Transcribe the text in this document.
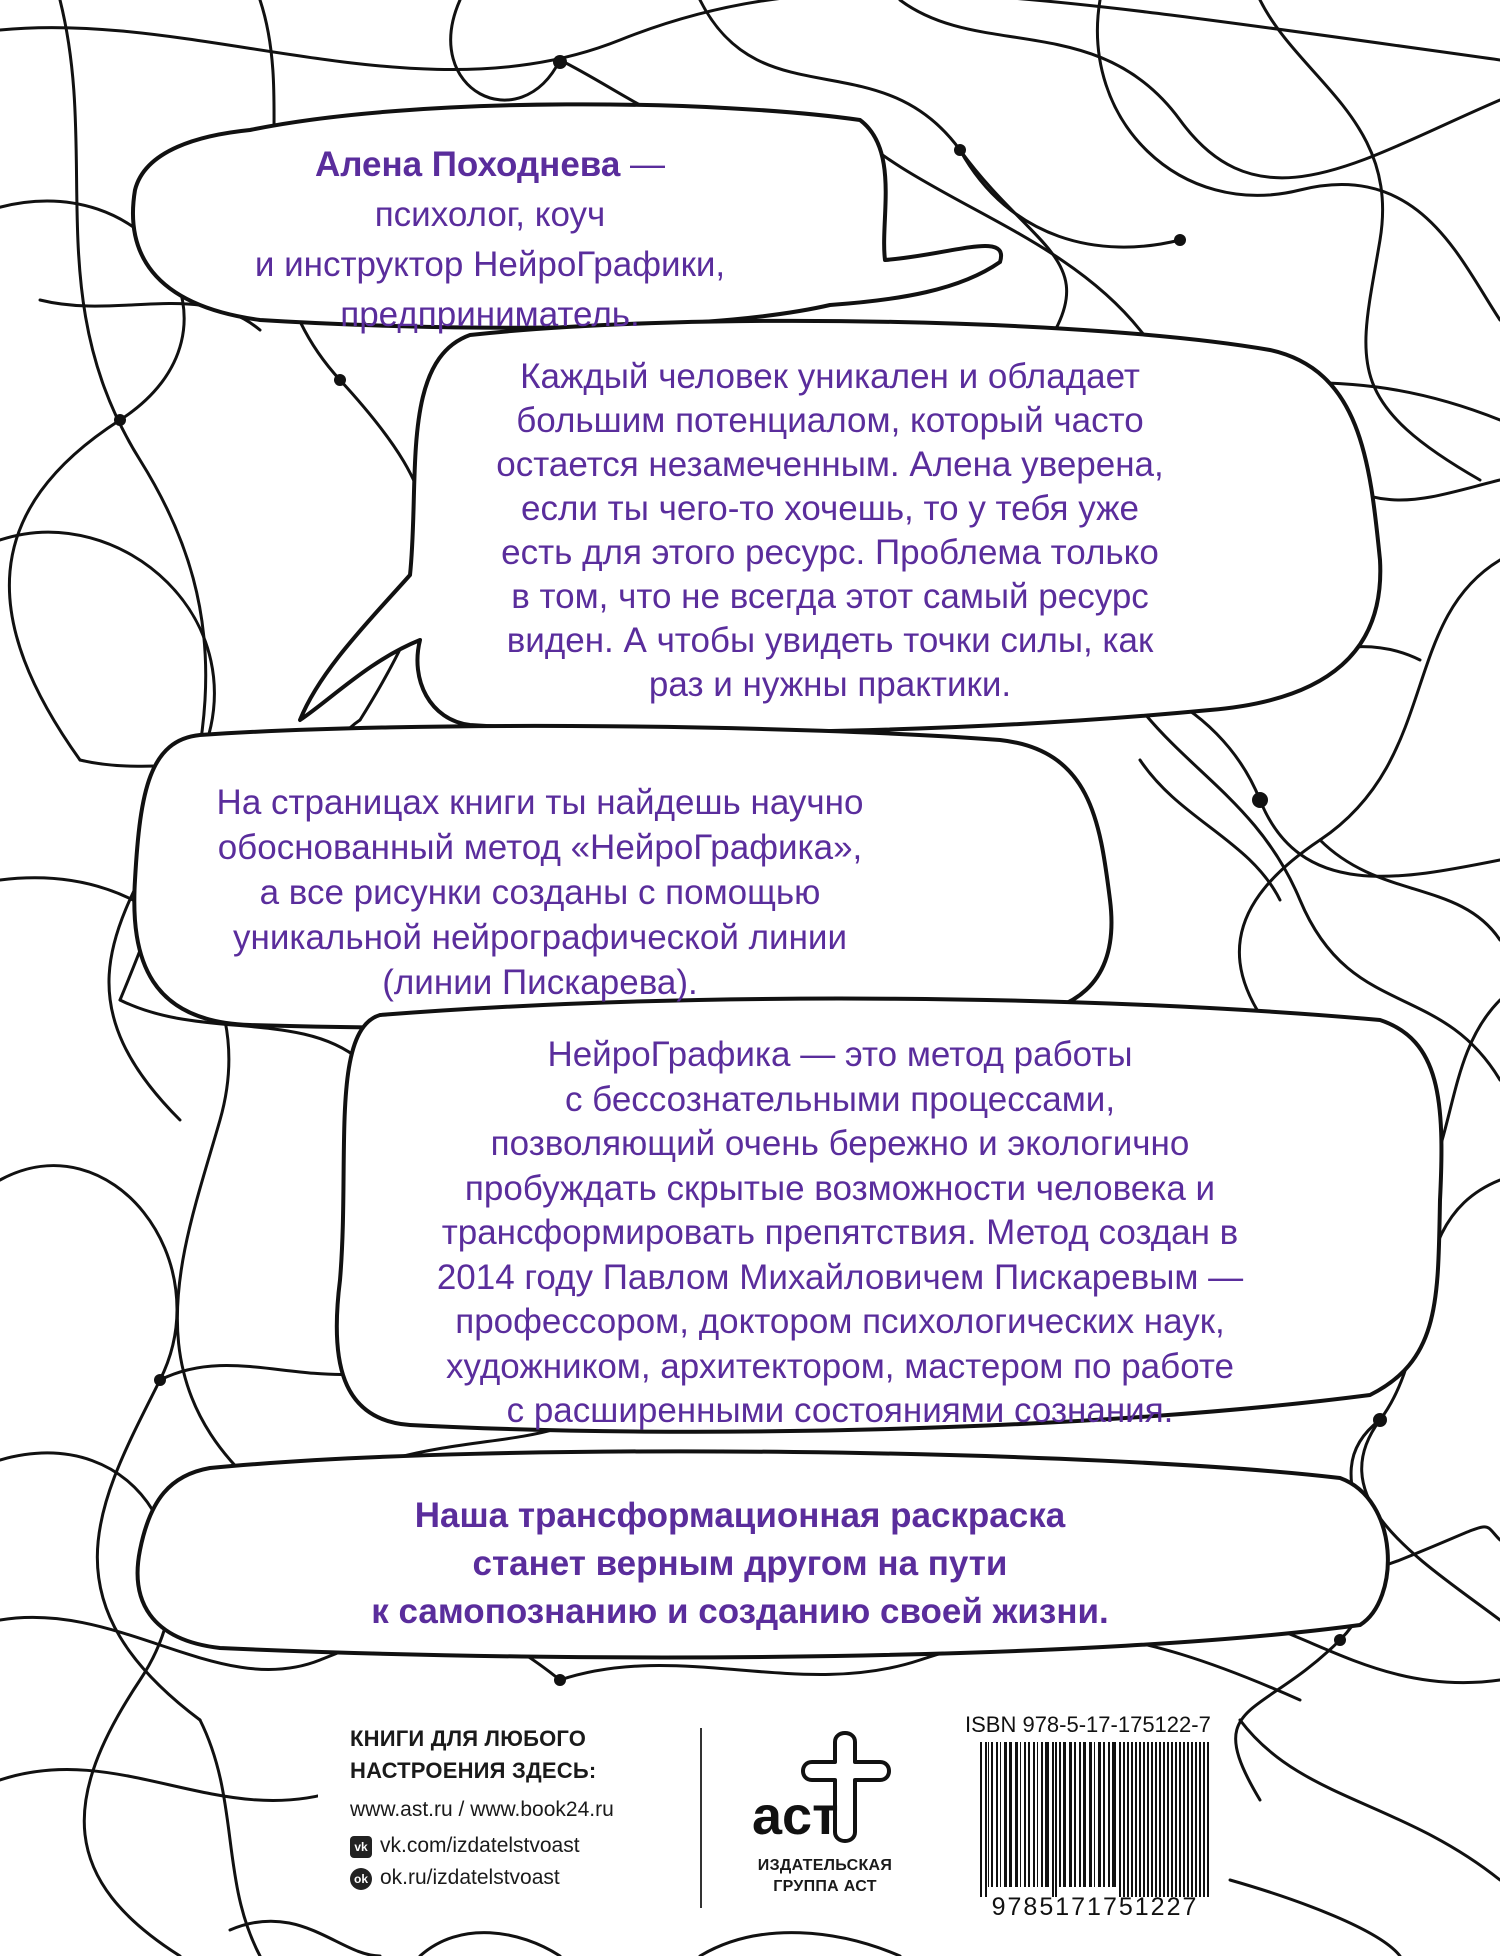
Алена Походнева —
психолог, коуч
и инструктор НейроГрафики,
предприниматель.
Каждый человек уникален и обладает
большим потенциалом, который часто
остается незамеченным. Алена уверена,
если ты чего-то хочешь, то у тебя уже
есть для этого ресурс. Проблема только
в том, что не всегда этот самый ресурс
виден. А чтобы увидеть точки силы, как
раз и нужны практики.
На страницах книги ты найдешь научно
обоснованный метод «НейроГрафика»,
а все рисунки созданы с помощью
уникальной нейрографической линии
(линии Пискарева).
НейроГрафика — это метод работы
с бессознательными процессами,
позволяющий очень бережно и экологично
пробуждать скрытые возможности человека и
трансформировать препятствия. Метод создан в
2014 году Павлом Михайловичем Пискаревым —
профессором, доктором психологических наук,
художником, архитектором, мастером по работе
с расширенными состояниями сознания.
Наша трансформационная раскраска
станет верным другом на пути
к самопознанию и созданию своей жизни.
КНИГИ ДЛЯ ЛЮБОГО
НАСТРОЕНИЯ ЗДЕСЬ:
www.ast.ru / www.book24.ru
vk vk.com/izdatelstvoast
ok ok.ru/izdatelstvoast
аст
ИЗДАТЕЛЬСКАЯ
ГРУППА АСТ
ISBN 978-5-17-175122-7
9785171751227
